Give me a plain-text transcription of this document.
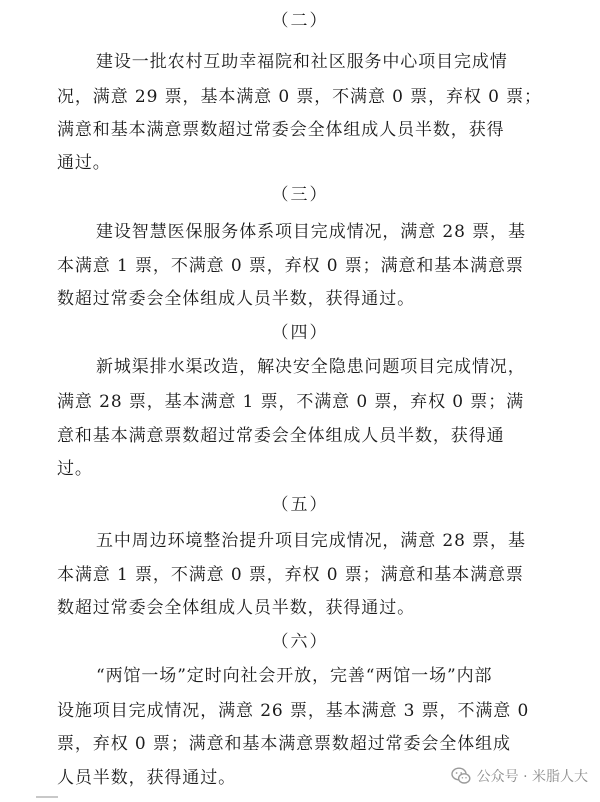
（二）
建设一批农村互助幸福院和社区服务中心项目完成情
况，满意 29 票，基本满意 0 票，不满意 0 票，弃权 0 票；
满意和基本满意票数超过常委会全体组成人员半数，获得
通过。
（三）
建设智慧医保服务体系项目完成情况，满意 28 票，基
本满意 1 票，不满意 0 票，弃权 0 票；满意和基本满意票
数超过常委会全体组成人员半数，获得通过。
（四）
新城渠排水渠改造，解决安全隐患问题项目完成情况，
满意 28 票，基本满意 1 票，不满意 0 票，弃权 0 票；满
意和基本满意票数超过常委会全体组成人员半数，获得通
过。
（五）
五中周边环境整治提升项目完成情况，满意 28 票，基
本满意 1 票，不满意 0 票，弃权 0 票；满意和基本满意票
数超过常委会全体组成人员半数，获得通过。
（六）
“两馆一场”定时向社会开放，完善“两馆一场”内部
设施项目完成情况，满意 26 票，基本满意 3 票，不满意 0
票，弃权 0 票；满意和基本满意票数超过常委会全体组成
人员半数，获得通过。	公众号 · 米脂人大
